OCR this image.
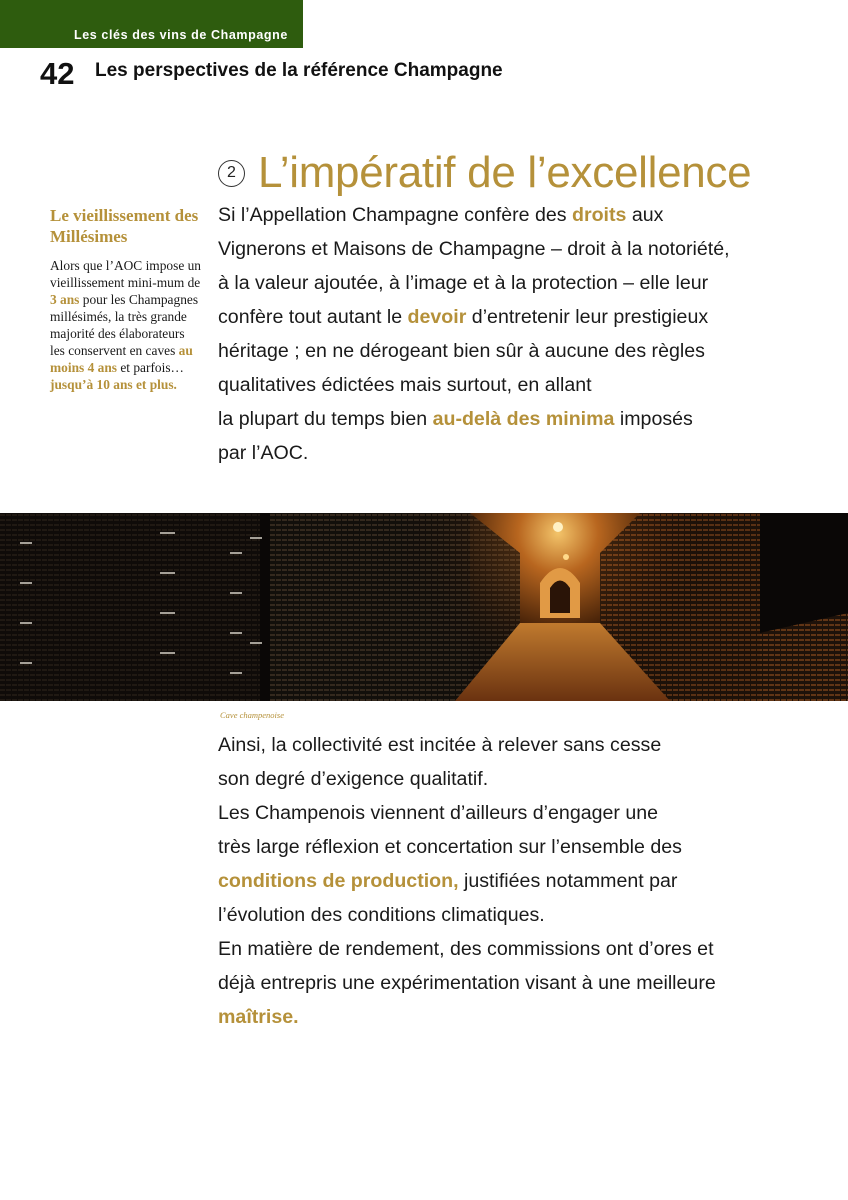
Les clés des vins de Champagne
42 Les perspectives de la référence Champagne
Le vieillissement des Millésimes
Alors que l’AOC impose un vieillissement mini-mum de 3 ans pour les Champagnes millésimés, la très grande majorité des élaborateurs les conservent en caves au moins 4 ans et parfois… jusqu’à 10 ans et plus.
2 L’impératif de l’excellence
Si l’Appellation Champagne confère des droits aux
Vignerons et Maisons de Champagne – droit à la notoriété,
à la valeur ajoutée, à l’image et à la protection – elle leur
confère tout autant le devoir d’entretenir leur prestigieux
héritage ; en ne dérogeant bien sûr à aucune des règles
qualitatives édictées mais surtout, en allant
la plupart du temps bien au-delà des minima imposés
par l’AOC.
Cave champenoise
Ainsi, la collectivité est incitée à relever sans cesse
son degré d’exigence qualitatif.
Les Champenois viennent d’ailleurs d’engager une
très large réflexion et concertation sur l’ensemble des
conditions de production, justifiées notamment par
l’évolution des conditions climatiques.
En matière de rendement, des commissions ont d’ores et
déjà entrepris une expérimentation visant à une meilleure
maîtrise.
